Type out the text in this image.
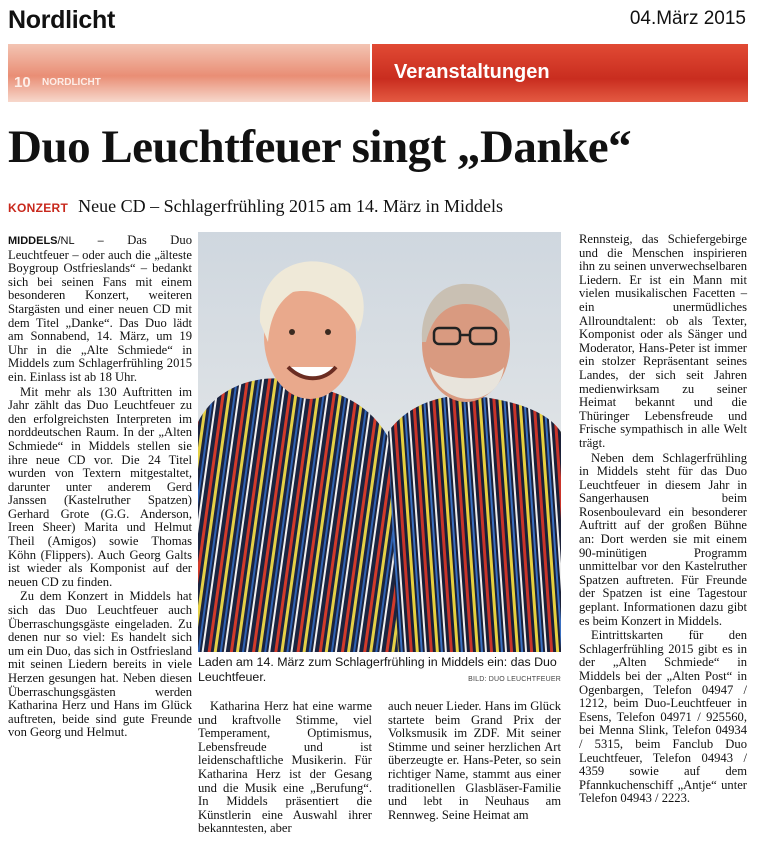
Nordlicht	04.März 2015
10 NORDLICHT	Veranstaltungen
Duo Leuchtfeuer singt „Danke“
KONZERT Neue CD – Schlagerfrühling 2015 am 14. März in Middels

MIDDELS/NL – Das Duo Leuchtfeuer – oder auch die „älteste Boygroup Ostfrieslands“ – bedankt sich bei seinen Fans mit einem besonderen Konzert, weiteren Stargästen und einer neuen CD mit dem Titel „Danke“. Das Duo lädt am Sonnabend, 14. März, um 19 Uhr in die „Alte Schmiede“ in Middels zum Schlagerfrühling 2015 ein. Einlass ist ab 18 Uhr.

Mit mehr als 130 Auftritten im Jahr zählt das Duo Leuchtfeuer zu den erfolgreichsten Interpreten im norddeutschen Raum. In der „Alten Schmiede“ in Middels stellen sie ihre neue CD vor. Die 24 Titel wurden von Textern mitgestaltet, darunter unter anderem Gerd Janssen (Kastelruther Spatzen) Gerhard Grote (G.G. Anderson, Ireen Sheer) Marita und Helmut Theil (Amigos) sowie Thomas Köhn (Flippers). Auch Georg Galts ist wieder als Komponist auf der neuen CD zu finden.

Zu dem Konzert in Middels hat sich das Duo Leuchtfeuer auch Überraschungsgäste eingeladen. Zu denen nur so viel: Es handelt sich um ein Duo, das sich in Ostfriesland mit seinen Liedern bereits in viele Herzen gesungen hat. Neben diesen Überraschungsgästen werden Katharina Herz und Hans im Glück auftreten, beide sind gute Freunde von Georg und Helmut.

Laden am 14. März zum Schlagerfrühling in Middels ein: das Duo Leuchtfeuer.	BILD: DUO LEUCHTFEUER

Katharina Herz hat eine warme und kraftvolle Stimme, viel Temperament, Optimismus, Lebensfreude und ist leidenschaftliche Musikerin. Für Katharina Herz ist der Gesang und die Musik eine „Berufung“. In Middels präsentiert die Künstlerin eine Auswahl ihrer bekanntesten, aber

auch neuer Lieder. Hans im Glück startete beim Grand Prix der Volksmusik im ZDF. Mit seiner Stimme und seiner herzlichen Art überzeugte er. Hans-Peter, so sein richtiger Name, stammt aus einer traditionellen Glasbläser-Familie und lebt in Neuhaus am Rennweg. Seine Heimat am

Rennsteig, das Schiefergebirge und die Menschen inspirieren ihn zu seinen unverwechselbaren Liedern. Er ist ein Mann mit vielen musikalischen Facetten – ein unermüdliches Allroundtalent: ob als Texter, Komponist oder als Sänger und Moderator, Hans-Peter ist immer ein stolzer Repräsentant seines Landes, der sich seit Jahren medienwirksam zu seiner Heimat bekannt und die Thüringer Lebensfreude und Frische sympathisch in alle Welt trägt.

Neben dem Schlagerfrühling in Middels steht für das Duo Leuchtfeuer in diesem Jahr in Sangerhausen beim Rosenboulevard ein besonderer Auftritt auf der großen Bühne an: Dort werden sie mit einem 90-minütigen Programm unmittelbar vor den Kastelruther Spatzen auftreten. Für Freunde der Spatzen ist eine Tagestour geplant. Informationen dazu gibt es beim Konzert in Middels.

Eintrittskarten für den Schlagerfrühling 2015 gibt es in der „Alten Schmiede“ in Middels bei der „Alten Post“ in Ogenbargen, Telefon 04947 / 1212, beim Duo-Leuchtfeuer in Esens, Telefon 04971 / 925560, bei Menna Slink, Telefon 04934 / 5315, beim Fanclub Duo Leuchtfeuer, Telefon 04943 / 4359 sowie auf dem Pfannkuchenschiff „Antje“ unter Telefon 04943 / 2223.
